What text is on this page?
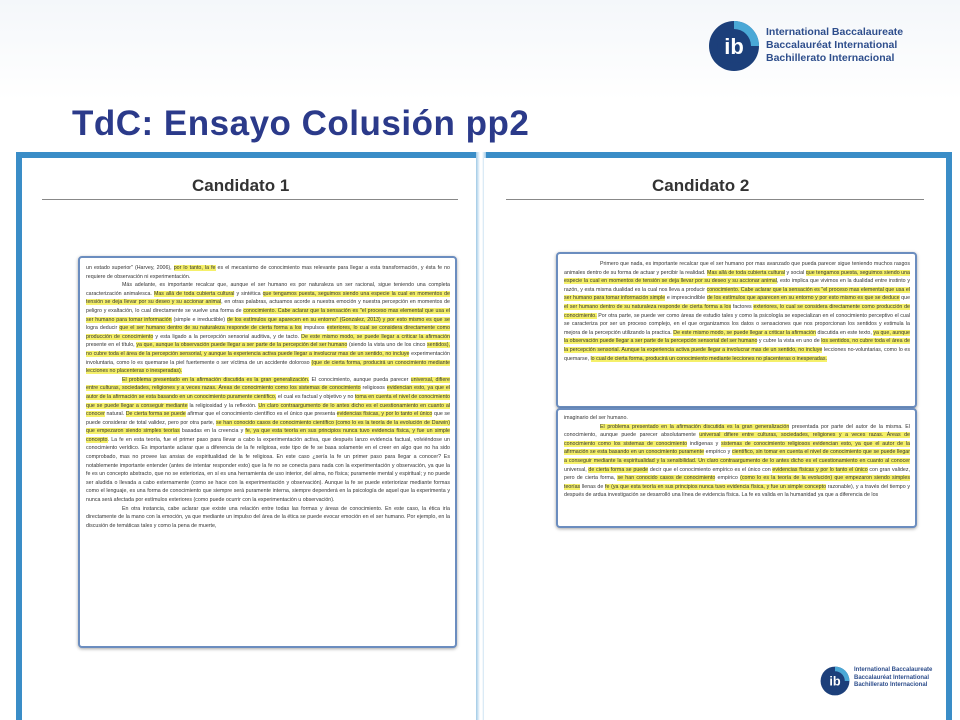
ib
International Baccalaureate
Baccalauréat International
Bachillerato Internacional
TdC: Ensayo Colusión pp2
Candidato 1

un estado superior" (Harvey, 2006), por lo tanto, la fe es el mecanismo de conocimiento mas relevante para llegar a esta transformación, y ésta fe no requiere de observación ni experimentación.

Más adelante, es importante recalcar que, aunque el ser humano es por naturaleza un ser racional, sigue teniendo una completa caracterización animalesca. Mas allá de toda cubierta cultural y sintética que tengamos puesta, seguimos siendo una especie la cual en momentos de tensión se deja llevar por su deseo y su accionar animal, en otras palabras, actuamos acorde a nuestra emoción y nuestra percepción en momentos de peligro y exaltación, lo cual directamente se vuelve una forma de conocimiento. Cabe aclarar que la sensación es "el proceso mas elemental que usa el ser humano para tomar información (simple e irreductible) de los estímulos que aparecen en su entorno" (Gonzalez, 2013) y por esto mismo es que se logra deducir que el ser humano dentro de su naturaleza responde de cierta forma a los impulsos exteriores, lo cual se considera directamente como producción de conocimiento y esta ligado a la percepción sensorial auditiva, y de tacto. De este mismo modo, se puede llegar a criticar la afirmación presente en el título, ya que, aunque la observación puede llegar a ser parte de la percepción del ser humano (siendo la vista uno de los cinco sentidos), no cubre toda el área de la percepción sensorial, y aunque la experiencia activa puede llegar a involucrar mas de un sentido, no incluye experimentación involuntaria, como lo es quemarse la piel fuertemente o ser víctima de un accidente doloroso (que de cierta forma, producirá un conocimiento mediante lecciones no placenteras o inesperadas).

El problema presentado en la afirmación discutida es la gran generalización. El conocimiento, aunque pueda parecer universal, difiere entre culturas, sociedades, religiones y a veces razas. Áreas de conocimiento como los sistemas de conocimiento religiosos evidencian esto, ya que el autor de la afirmación se esta basando en un conocimiento puramente científico, el cual es factual y objetivo y no toma en cuenta el nivel de conocimiento que se puede llegar a conseguir mediante la religiosidad y la reflexión. Un claro contraargumento de lo antes dicho es el cuestionamiento en cuanto al conocer natural. De cierta forma se puede afirmar que el conocimiento científico es el único que presenta evidencias físicas, y por lo tanto el único que se puede considerar de total validez, pero por otra parte, se han conocido casos de conocimiento científico (como lo es la teoría de la evolución de Darwin) que empezaron siendo simples teorías basadas en la creencia y fe, ya que esta teoría en sus principios nunca tuvo evidencia física, y fue un simple concepto. La fe en esta teoría, fue el primer paso para llevar a cabo la experimentación activa, que después lanzo evidencia factual, volviéndose un conocimiento verídico. Es importante aclarar que a diferencia de la fe religiosa, este tipo de fe se basa solamente en el creer en algo que no ha sido comprobado, mas no provee las ansias de espiritualidad de la fe religiosa. En este caso ¿sería la fe un primer paso para llegar a conocer? Es notablemente importante entender (antes de intentar responder esto) que la fe no se conecta para nada con la experimentación y observación, ya que la fe es un concepto abstracto, que no se exterioriza, en sí es una herramienta de uso interior, del alma, no física; puramente mental y espiritual; y no puede ser aludida o llevada a cabo externamente (como se hace con la experimentación y observación). Aunque la fe se puede exteriorizar mediante formas como el lenguaje, es una forma de conocimiento que siempre será puramente interna, siempre dependerá en la psicología de aquel que la experimenta y nunca será afectada por estímulos exteriores (como puede ocurrir con la experimentación u observación).

En otra instancia, cabe aclarar que existe una relación entre todas las formas y áreas de conocimiento. En este caso, la ética iría directamente de la mano con la emoción, ya que mediante un impulso del área de la ética se puede evocar emoción en el ser humano. Por ejemplo, en la discusión de temáticas tales y como la pena de muerte,

Candidato 2

Primero que nada, es importante recalcar que el ser humano por mas avanzado que pueda parecer sigue teniendo muchos rasgos animales dentro de su forma de actuar y percibir la realidad. Mas allá de toda cubierta cultural y social que tengamos puesta, seguimos siendo una especie la cual en momentos de tensión se deja llevar por su deseo y su accionar animal, esto implica que vivimos en la dualidad entre instinto y razón, y esta misma dualidad es la cual nos lleva a producir conocimiento. Cabe aclarar que la sensación es "el proceso mas elemental que usa el ser humano para tomar información simple e imprescindible de los estímulos que aparecen en su entorno y por esto mismo es que se deduce que el ser humano dentro de su naturaleza responde de cierta forma a los factores exteriores, lo cual se considera directamente como producción de conocimiento. Por otra parte, se puede ver como áreas de estudio tales y como la psicología se especializan en el conocimiento perceptivo el cual se caracteriza por ser un proceso complejo, en el que organizamos los datos o sensaciones que nos proporcionan los sentidos y estimula la mejora de la percepción utilizando la practica. De este mismo modo, se puede llegar a criticar la afirmación discutida en este texto, ya que, aunque la observación puede llegar a ser parte de la percepción sensorial del ser humano y cubre la vista en uno de los sentidos, no cubre toda el área de la percepción sensorial. Aunque la experiencia activa puede llegar a involucrar mas de un sentido, no incluye lecciones no-voluntarias, como lo es quemarse, lo cual de cierta forma, producirá un conocimiento mediante lecciones no placenteras o inesperadas.

imaginario del ser humano.

El problema presentado en la afirmación discutida es la gran generalización presentada por parte del autor de la misma. El conocimiento, aunque puede parecer absolutamente universal difiere entre culturas, sociedades, religiones y a veces razas. Áreas de conocimiento como los sistemas de conocimiento indígenas y sistemas de conocimiento religiosos evidencian esto, ya que el autor de la afirmación se esta basando en un conocimiento puramente empírico y científico, sin tomar en cuenta el nivel de conocimiento que se puede llegar a conseguir mediante la espiritualidad y la sensibilidad. Un claro contraargumento de lo antes dicho es el cuestionamiento en cuanto al conocer universal, de cierta forma se puede decir que el conocimiento empírico es el único con evidencias físicas y por lo tanto el único con gran validez, pero de cierta forma, se han conocido casos de conocimiento empírico (como lo es la teoría de la evolución) que empezaron siendo simples teorías llenas de fe (ya que esta teoría en sus principios nunca tuvo evidencia física, y fue un simple concepto razonable), y a través del tiempo y después de ardua investigación se desarrolló una línea de evidencia física. La fe es valida en la humanidad ya que a diferencia de los

ib
International Baccalaureate
Baccalauréat International
Bachillerato Internacional
